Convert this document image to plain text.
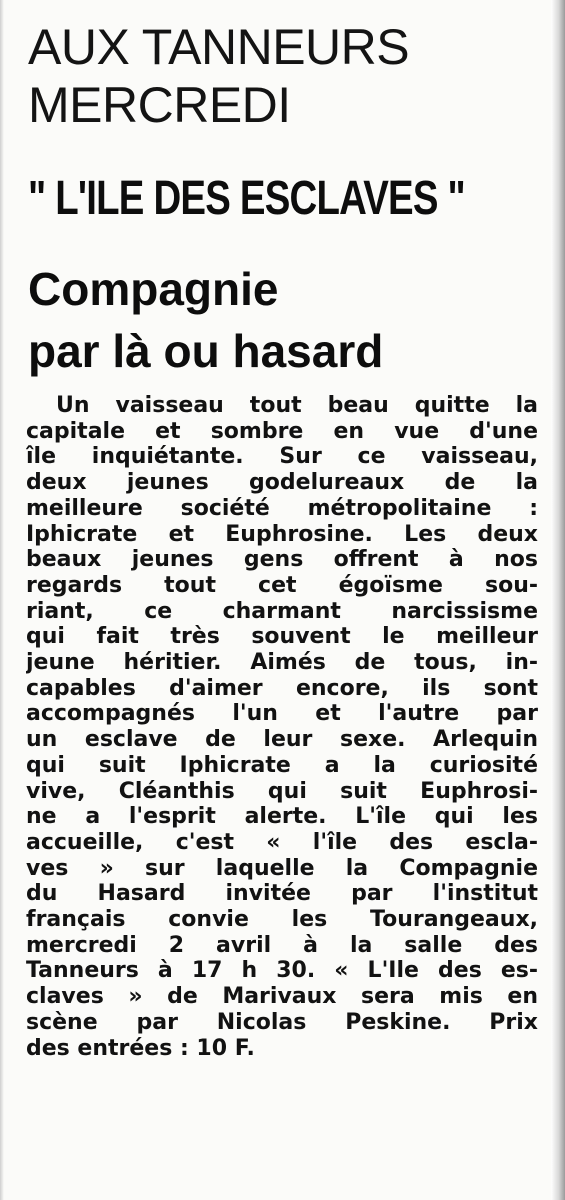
AUX TANNEURS
MERCREDI
" L'ILE DES ESCLAVES "
Compagnie
par là ou hasard
Un vaisseau tout beau quitte la
capitale et sombre en vue d'une
île inquiétante. Sur ce vaisseau,
deux jeunes godelureaux de la
meilleure société métropolitaine :
Iphicrate et Euphrosine. Les deux
beaux jeunes gens offrent à nos
regards tout cet égoïsme sou-
riant, ce charmant narcissisme
qui fait très souvent le meilleur
jeune héritier. Aimés de tous, in-
capables d'aimer encore, ils sont
accompagnés l'un et l'autre par
un esclave de leur sexe. Arlequin
qui suit Iphicrate a la curiosité
vive, Cléanthis qui suit Euphrosi-
ne a l'esprit alerte. L'île qui les
accueille, c'est « l'île des escla-
ves » sur laquelle la Compagnie
du Hasard invitée par l'institut
français convie les Tourangeaux,
mercredi 2 avril à la salle des
Tanneurs à 17 h 30. « L'Ile des es-
claves » de Marivaux sera mis en
scène par Nicolas Peskine. Prix
des entrées : 10 F.
